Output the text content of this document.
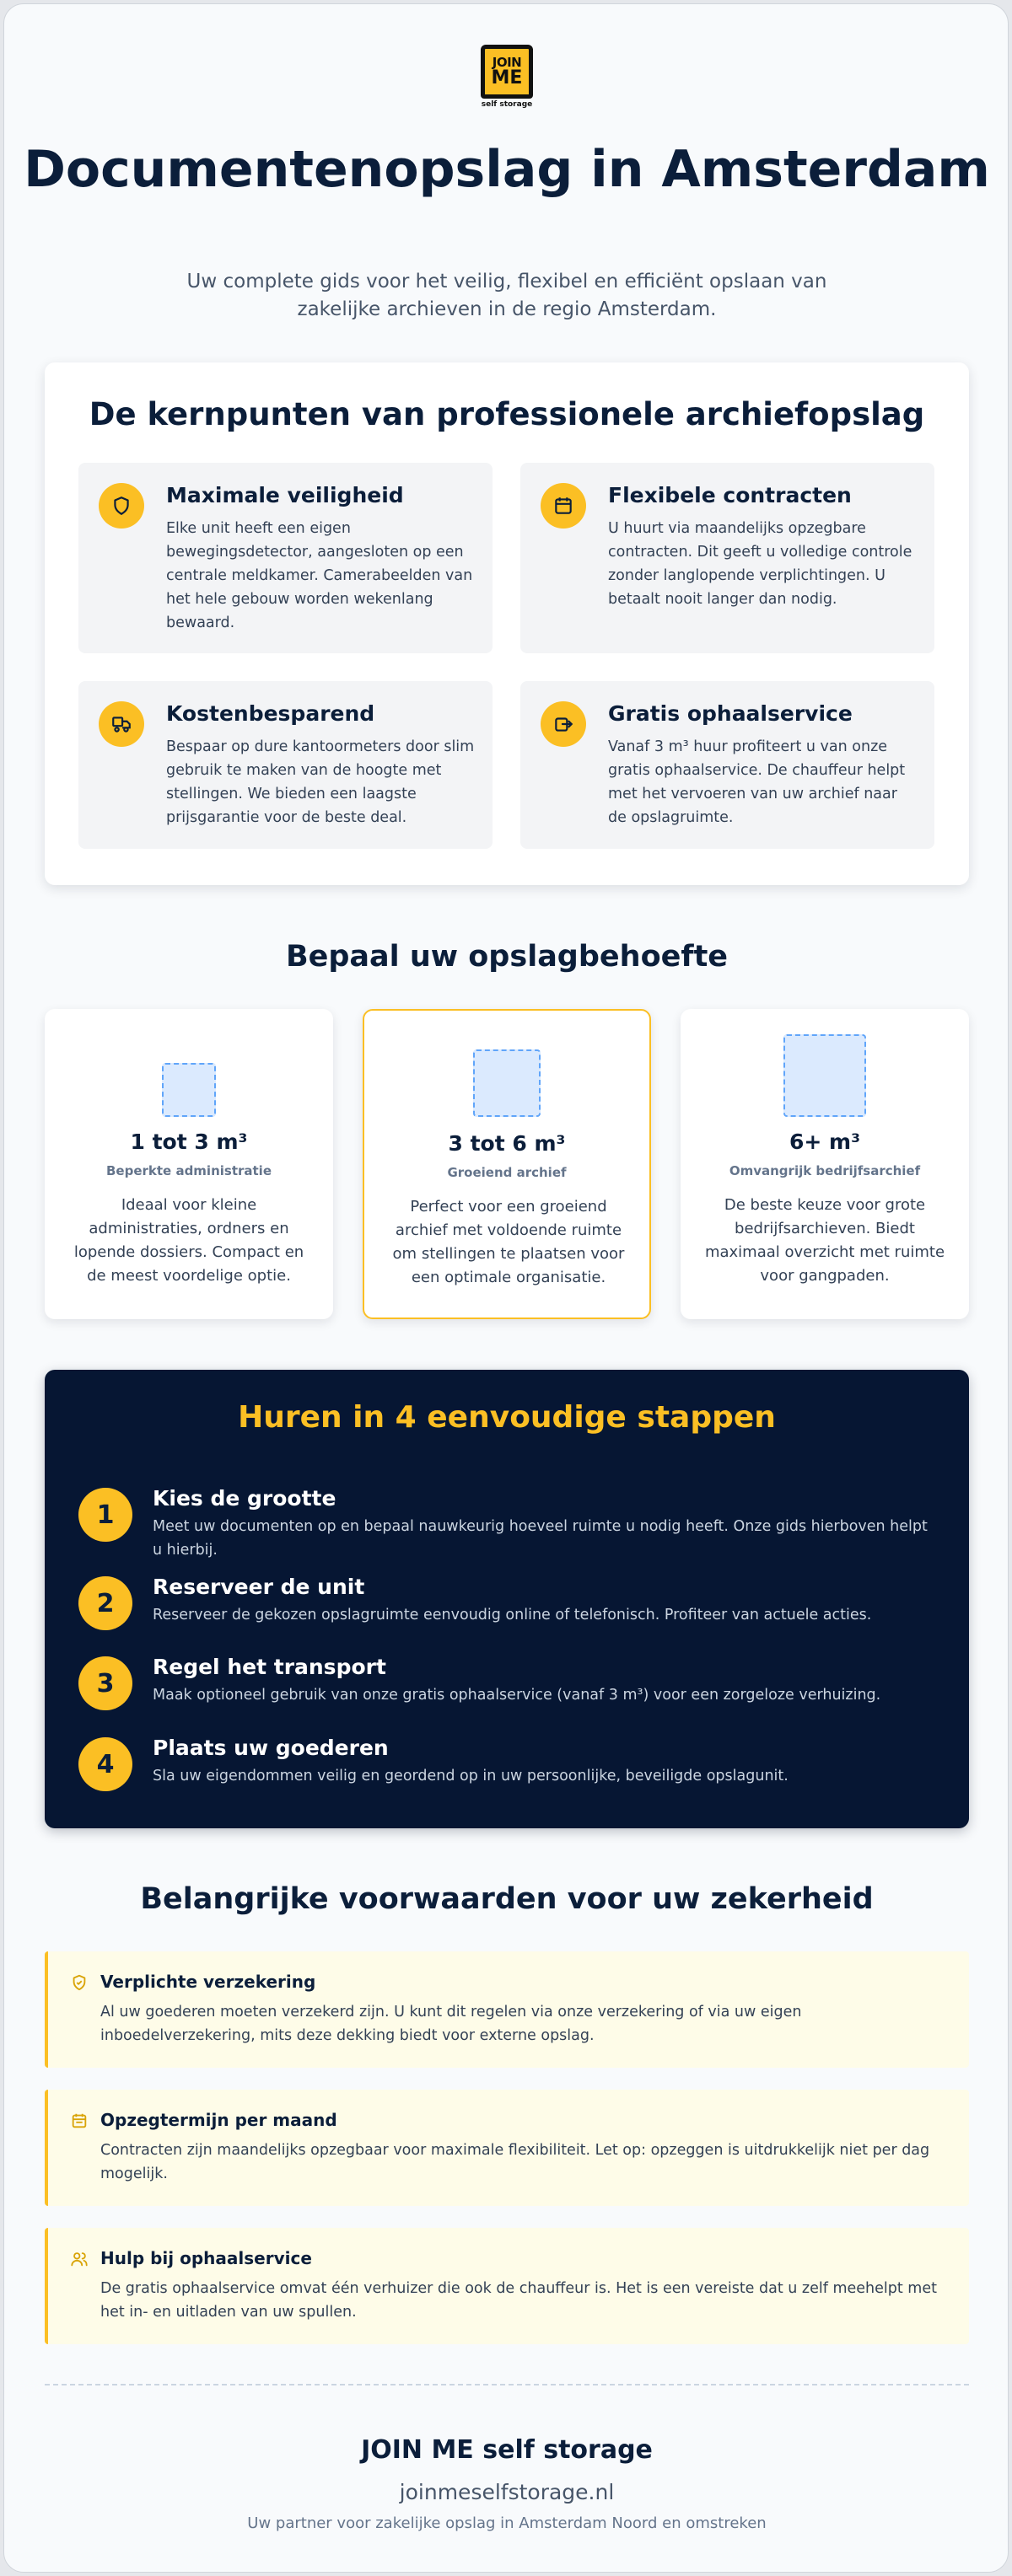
JOIN
ME
self storage
Documentenopslag in Amsterdam

Uw complete gids voor het veilig, flexibel en efficiënt opslaan van zakelijke archieven in de regio Amsterdam.

De kernpunten van professionele archiefopslag
Maximale veiligheid

Elke unit heeft een eigen bewegingsdetector, aangesloten op een centrale meldkamer. Camerabeelden van het hele gebouw worden wekenlang bewaard.

Flexibele contracten

U huurt via maandelijks opzegbare contracten. Dit geeft u volledige controle zonder langlopende verplichtingen. U betaalt nooit langer dan nodig.

Kostenbesparend

Bespaar op dure kantoormeters door slim gebruik te maken van de hoogte met stellingen. We bieden een laagste prijsgarantie voor de beste deal.

Gratis ophaalservice

Vanaf 3 m³ huur profiteert u van onze gratis ophaalservice. De chauffeur helpt met het vervoeren van uw archief naar de opslagruimte.

Bepaal uw opslagbehoefte
1 tot 3 m³
Beperkte administratie

Ideaal voor kleine administraties, ordners en lopende dossiers. Compact en de meest voordelige optie.

3 tot 6 m³
Groeiend archief

Perfect voor een groeiend archief met voldoende ruimte om stellingen te plaatsen voor een optimale organisatie.

6+ m³
Omvangrijk bedrijfsarchief

De beste keuze voor grote bedrijfsarchieven. Biedt maximaal overzicht met ruimte voor gangpaden.

Huren in 4 eenvoudige stappen
1
Kies de grootte

Meet uw documenten op en bepaal nauwkeurig hoeveel ruimte u nodig heeft. Onze gids hierboven helpt u hierbij.

2
Reserveer de unit

Reserveer de gekozen opslagruimte eenvoudig online of telefonisch. Profiteer van actuele acties.

3
Regel het transport

Maak optioneel gebruik van onze gratis ophaalservice (vanaf 3 m³) voor een zorgeloze verhuizing.

4
Plaats uw goederen

Sla uw eigendommen veilig en geordend op in uw persoonlijke, beveiligde opslagunit.

Belangrijke voorwaarden voor uw zekerheid
Verplichte verzekering

Al uw goederen moeten verzekerd zijn. U kunt dit regelen via onze verzekering of via uw eigen inboedelverzekering, mits deze dekking biedt voor externe opslag.

Opzegtermijn per maand

Contracten zijn maandelijks opzegbaar voor maximale flexibiliteit. Let op: opzeggen is uitdrukkelijk niet per dag mogelijk.

Hulp bij ophaalservice

De gratis ophaalservice omvat één verhuizer die ook de chauffeur is. Het is een vereiste dat u zelf meehelpt met het in- en uitladen van uw spullen.

JOIN ME self storage
joinmeselfstorage.nl
Uw partner voor zakelijke opslag in Amsterdam Noord en omstreken
